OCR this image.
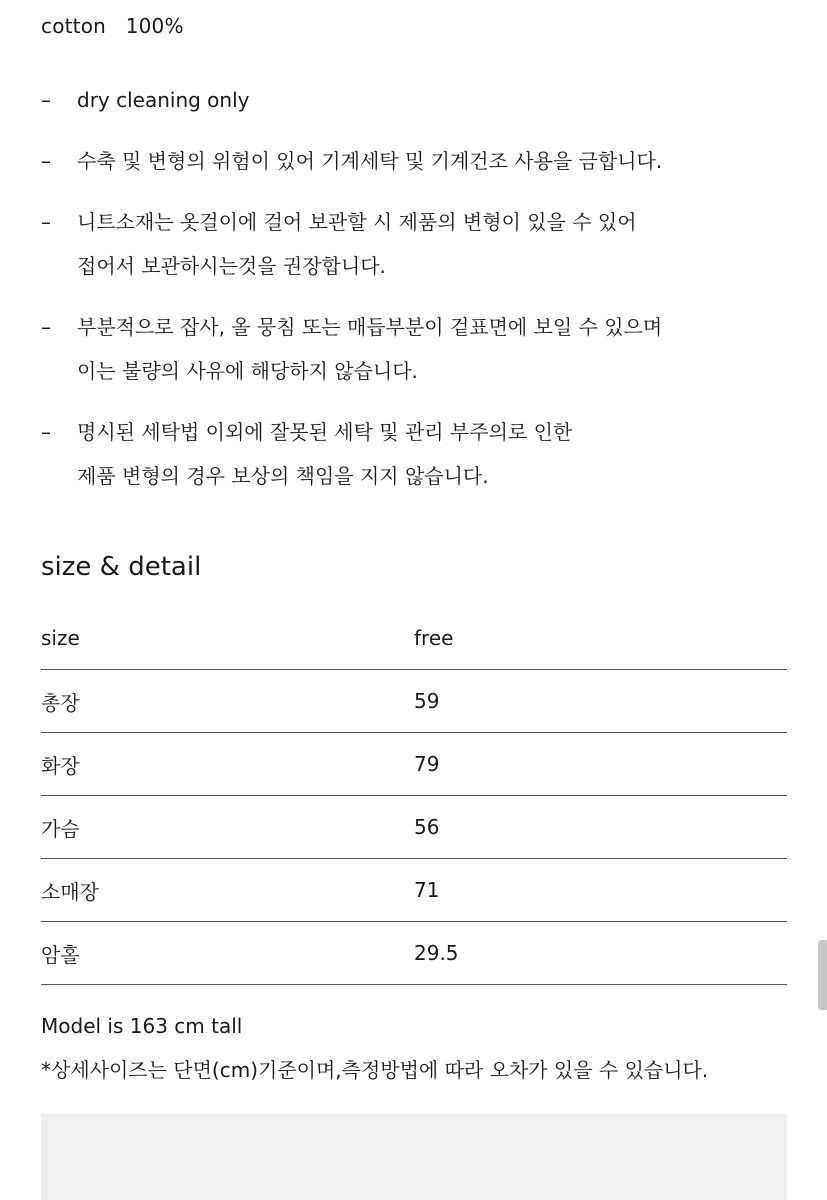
cotton   100%
– dry cleaning only
– 수축 및 변형의 위험이 있어 기계세탁 및 기계건조 사용을 금합니다.
– 니트소재는 옷걸이에 걸어 보관할 시 제품의 변형이 있을 수 있어
접어서 보관하시는것을 권장합니다.
– 부분적으로 잡사, 올 뭉침 또는 매듭부분이 겉표면에 보일 수 있으며
이는 불량의 사유에 해당하지 않습니다.
– 명시된 세탁법 이외에 잘못된 세탁 및 관리 부주의로 인한
제품 변형의 경우 보상의 책임을 지지 않습니다.
size & detail
size	free
총장	59
화장	79
가슴	56
소매장	71
암홀	29.5
Model is 163 cm tall
*상세사이즈는 단면(cm)기준이며,측정방법에 따라 오차가 있을 수 있습니다.
